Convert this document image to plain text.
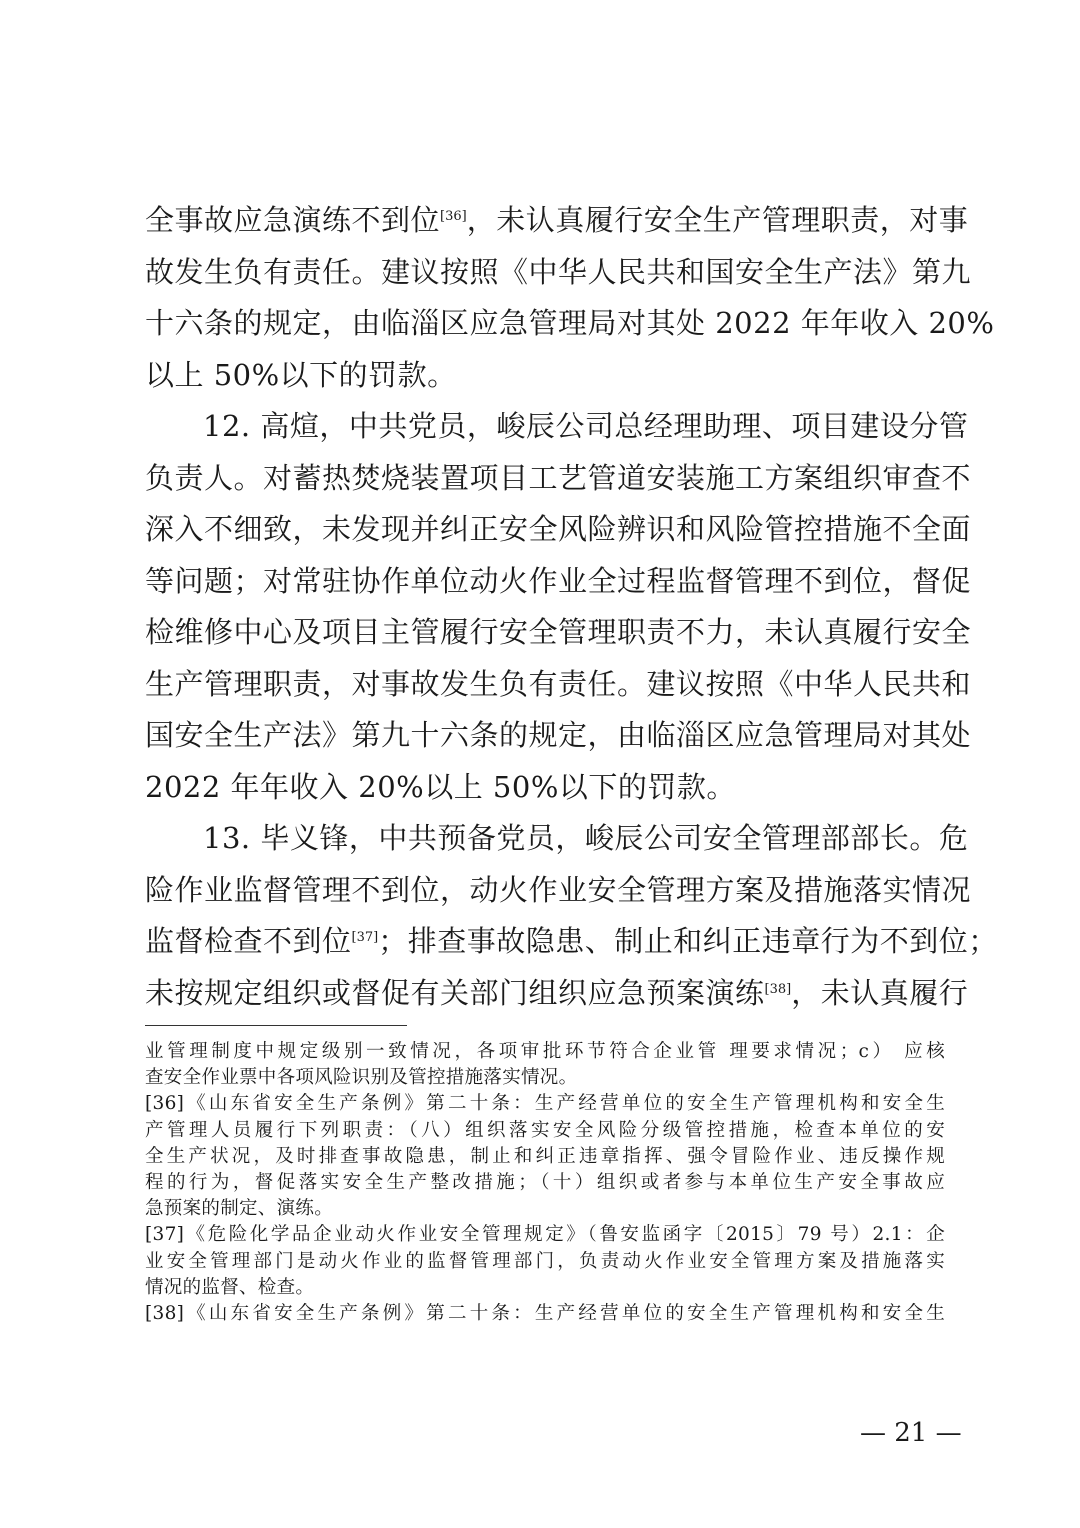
全事故应急演练不到位[36]，未认真履行安全生产管理职责，对事
故发生负有责任。建议按照《中华人民共和国安全生产法》第九
十六条的规定，由临淄区应急管理局对其处 2022 年年收入 20%
以上 50%以下的罚款。
12. 高煊，中共党员，峻辰公司总经理助理、项目建设分管
负责人。对蓄热焚烧装置项目工艺管道安装施工方案组织审查不
深入不细致，未发现并纠正安全风险辨识和风险管控措施不全面
等问题；对常驻协作单位动火作业全过程监督管理不到位，督促
检维修中心及项目主管履行安全管理职责不力，未认真履行安全
生产管理职责，对事故发生负有责任。建议按照《中华人民共和
国安全生产法》第九十六条的规定，由临淄区应急管理局对其处
2022 年年收入 20%以上 50%以下的罚款。
13. 毕义锋，中共预备党员，峻辰公司安全管理部部长。危
险作业监督管理不到位，动火作业安全管理方案及措施落实情况
监督检查不到位[37]；排查事故隐患、制止和纠正违章行为不到位；
未按规定组织或督促有关部门组织应急预案演练[38]，未认真履行
业管理制度中规定级别一致情况，各项审批环节符合企业管 理要求情况；c） 应核
查安全作业票中各项风险识别及管控措施落实情况。
[36]《山东省安全生产条例》第二十条：生产经营单位的安全生产管理机构和安全生
产管理人员履行下列职责：（八）组织落实安全风险分级管控措施，检查本单位的安
全生产状况，及时排查事故隐患，制止和纠正违章指挥、强令冒险作业、违反操作规
程的行为，督促落实安全生产整改措施；（十）组织或者参与本单位生产安全事故应
急预案的制定、演练。
[37]《危险化学品企业动火作业安全管理规定》（鲁安监函字〔2015〕79 号）2.1：企
业安全管理部门是动火作业的监督管理部门，负责动火作业安全管理方案及措施落实
情况的监督、检查。
[38]《山东省安全生产条例》第二十条：生产经营单位的安全生产管理机构和安全生
— 21 —
